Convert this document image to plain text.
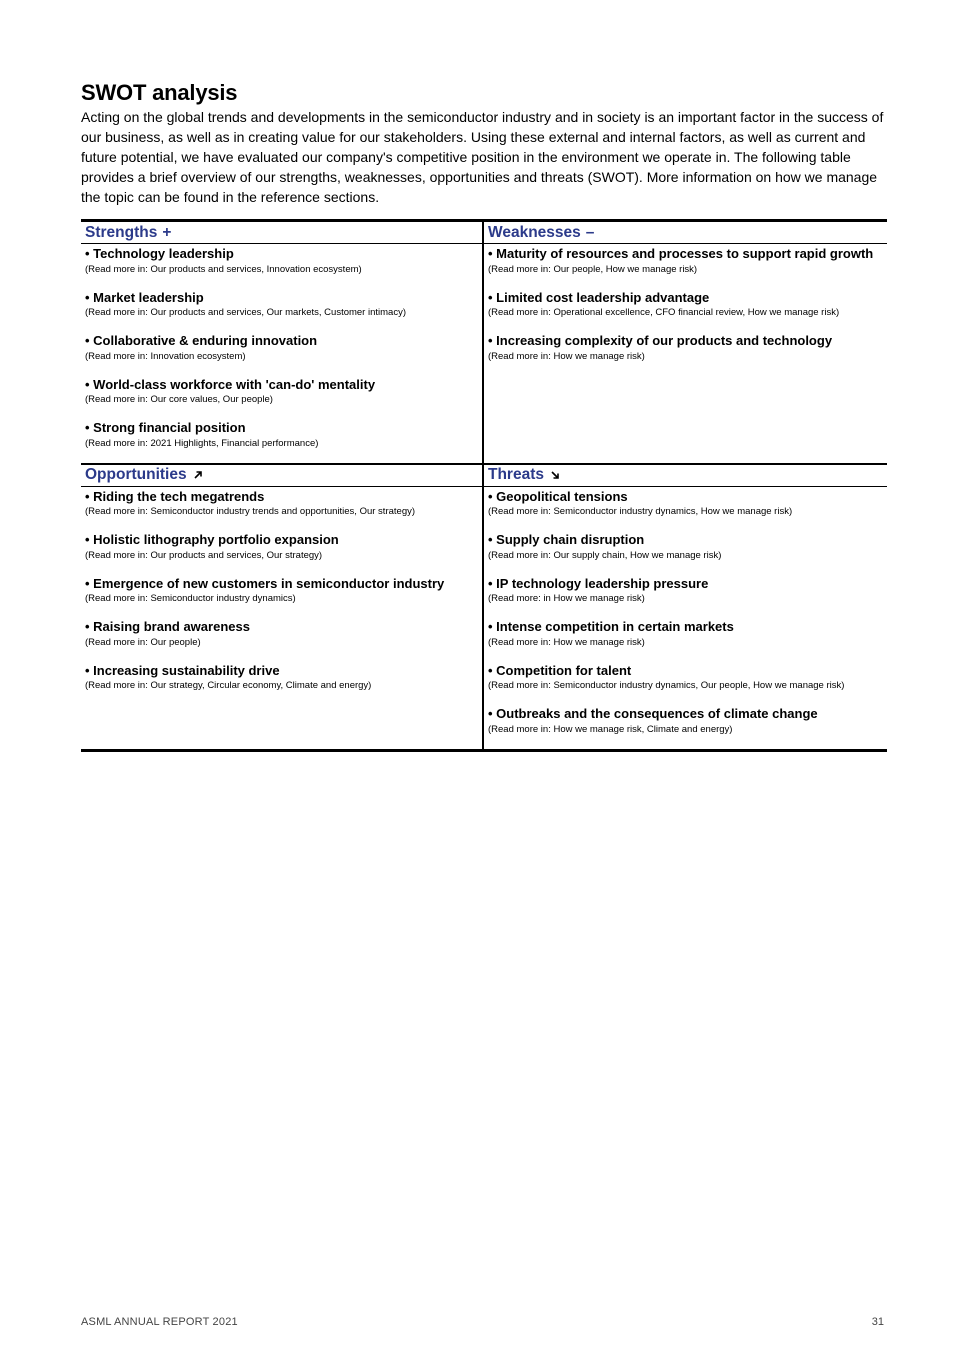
SWOT analysis

Acting on the global trends and developments in the semiconductor industry and in society is an important factor in the success of our business, as well as in creating value for our stakeholders. Using these external and internal factors, as well as current and future potential, we have evaluated our company's competitive position in the environment we operate in. The following table provides a brief overview of our strengths, weaknesses, opportunities and threats (SWOT). More information on how we manage the topic can be found in the reference sections.

Strengths +
• Technology leadership
(Read more in: Our products and services, Innovation ecosystem)
• Market leadership
(Read more in: Our products and services, Our markets, Customer intimacy)
• Collaborative & enduring innovation
(Read more in: Innovation ecosystem)
• World-class workforce with 'can-do' mentality
(Read more in: Our core values, Our people)
• Strong financial position
(Read more in: 2021 Highlights, Financial performance)
Weaknesses –
• Maturity of resources and processes to support rapid growth
(Read more in: Our people, How we manage risk)
• Limited cost leadership advantage
(Read more in: Operational excellence, CFO financial review, How we manage risk)
• Increasing complexity of our products and technology
(Read more in: How we manage risk)
Opportunities
• Riding the tech megatrends
(Read more in: Semiconductor industry trends and opportunities, Our strategy)
• Holistic lithography portfolio expansion
(Read more in: Our products and services, Our strategy)
• Emergence of new customers in semiconductor industry
(Read more in: Semiconductor industry dynamics)
• Raising brand awareness
(Read more in: Our people)
• Increasing sustainability drive
(Read more in: Our strategy, Circular economy, Climate and energy)
Threats
• Geopolitical tensions
(Read more in: Semiconductor industry dynamics, How we manage risk)
• Supply chain disruption
(Read more in: Our supply chain, How we manage risk)
• IP technology leadership pressure
(Read more: in How we manage risk)
• Intense competition in certain markets
(Read more in: How we manage risk)
• Competition for talent
(Read more in: Semiconductor industry dynamics, Our people, How we manage risk)
• Outbreaks and the consequences of climate change
(Read more in: How we manage risk, Climate and energy)
ASML ANNUAL REPORT 2021	31
